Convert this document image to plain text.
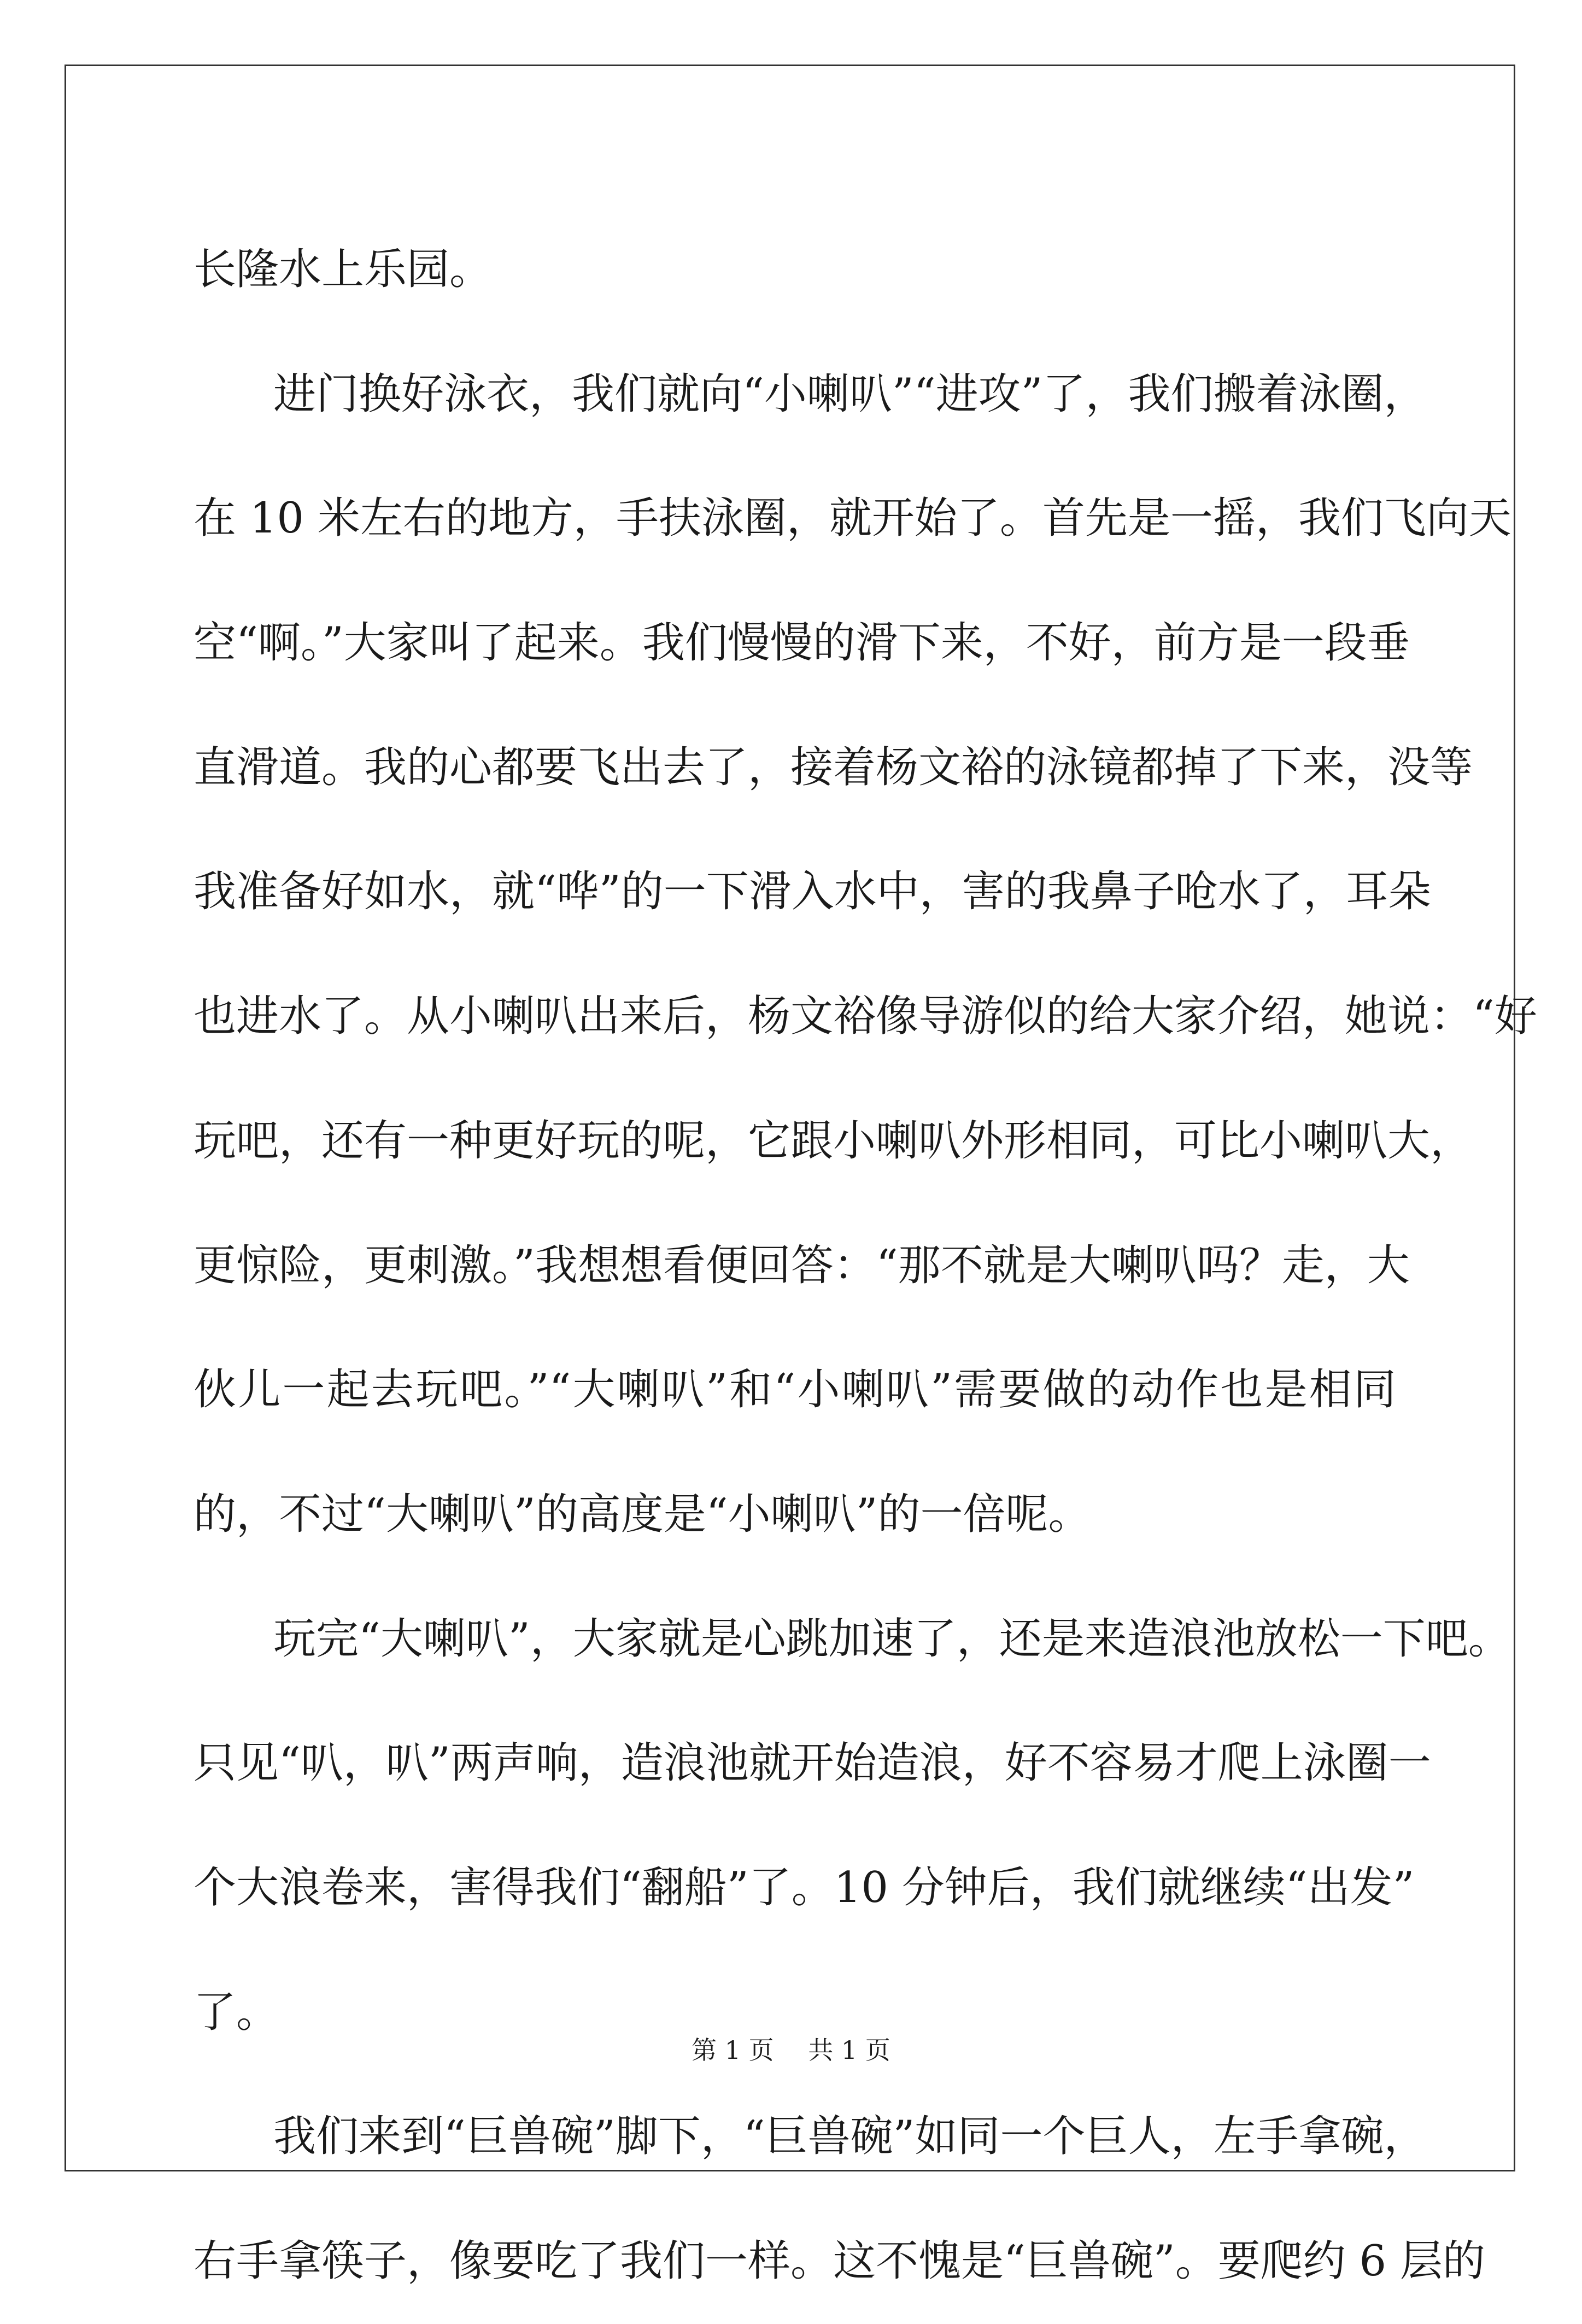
长隆水上乐园。
进门换好泳衣，我们就向“小喇叭”“进攻”了，我们搬着泳圈，
在 10 米左右的地方，手扶泳圈，就开始了。首先是一摇，我们飞向天
空“啊。”大家叫了起来。我们慢慢的滑下来，不好，前方是一段垂
直滑道。我的心都要飞出去了，接着杨文裕的泳镜都掉了下来，没等
我准备好如水，就“哗”的一下滑入水中，害的我鼻子呛水了，耳朵
也进水了。从小喇叭出来后，杨文裕像导游似的给大家介绍，她说：“好
玩吧，还有一种更好玩的呢，它跟小喇叭外形相同，可比小喇叭大，
更惊险，更刺激。”我想想看便回答：“那不就是大喇叭吗？走，大
伙儿一起去玩吧。”“大喇叭”和“小喇叭”需要做的动作也是相同
的，不过“大喇叭”的高度是“小喇叭”的一倍呢。
玩完“大喇叭”，大家就是心跳加速了，还是来造浪池放松一下吧。
只见“叭，叭”两声响，造浪池就开始造浪，好不容易才爬上泳圈一
个大浪卷来，害得我们“翻船”了。10 分钟后，我们就继续“出发”
了。
我们来到“巨兽碗”脚下，“巨兽碗”如同一个巨人，左手拿碗，
右手拿筷子，像要吃了我们一样。这不愧是“巨兽碗”。要爬约 6 层的
第 1 页 共 1 页
